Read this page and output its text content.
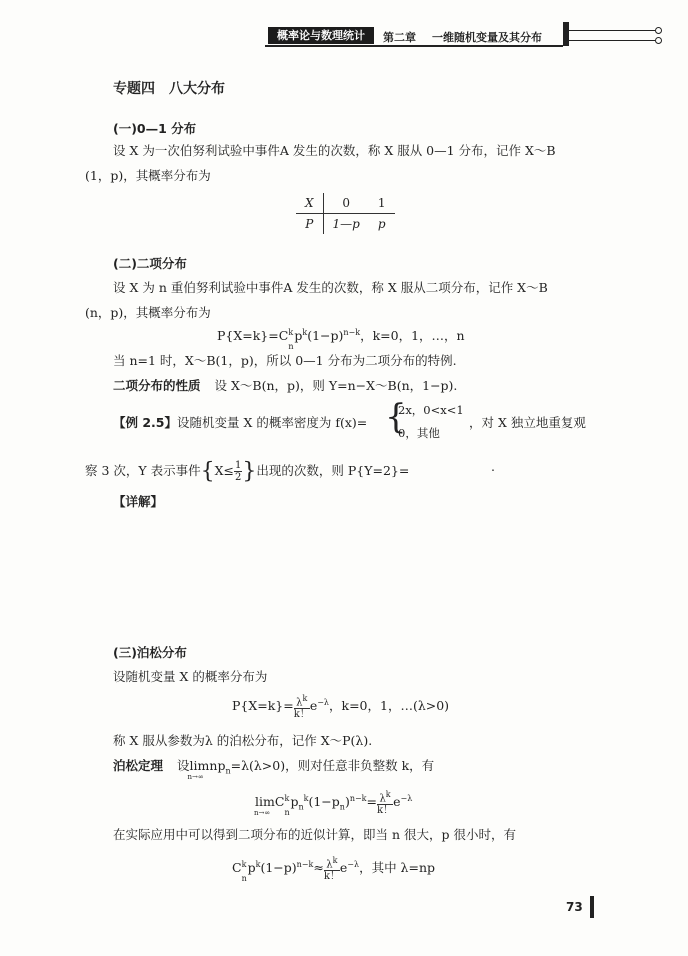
概率论与数理统计	第二章 一维随机变量及其分布
专题四　八大分布
(一)0—1 分布
设 X 为一次伯努利试验中事件A 发生的次数，称 X 服从 0—1 分布，记作 X～B
(1，p)，其概率分布为
X	0	1
P	1—p	p
(二)二项分布
设 X 为 n 重伯努利试验中事件A 发生的次数，称 X 服从二项分布，记作 X～B
(n，p)，其概率分布为
P{X=k}=C k
n
$p^k(1-p)^{n-k}$，k=0，1，…，n
当 n=1 时，X～B(1，p)，所以 0—1 分布为二项分布的特例.
二项分布的性质 设 X～B(n，p)，则 Y=n−X～B(n，1−p).
【例 2.5】设随机变量 X 的概率密度为 f(x)= {
2x，0<x<1
0，其他
，对 X 独立地重复观
察 3 次，Y 表示事件{$X\le \frac{1}{2}$ }出现的次数，则 P{Y=2}=	.
【详解】
(三)泊松分布
设随机变量 X 的概率分布为
$P\{X=k\}= \frac{\lambda^k}{k!} e^{-\lambda}$，k=0，1，…(λ>0)
称 X 服从参数为λ 的泊松分布，记作 X～P(λ).
泊松定理 设lim
n→∞
$np_n=\lambda(\lambda>0)$，则对任意非负整数 k，有
lim
n→∞
C k
n
$p_n^k(1-p_n)^{n-k}= \frac{\lambda^k}{k!} e^{-\lambda}$
在实际应用中可以得到二项分布的近似计算，即当 n 很大，p 很小时，有
C k
n
$p^k(1-p)^{n-k}\approx \frac{\lambda^k}{k!} e^{-\lambda}$，其中 λ=np
73
